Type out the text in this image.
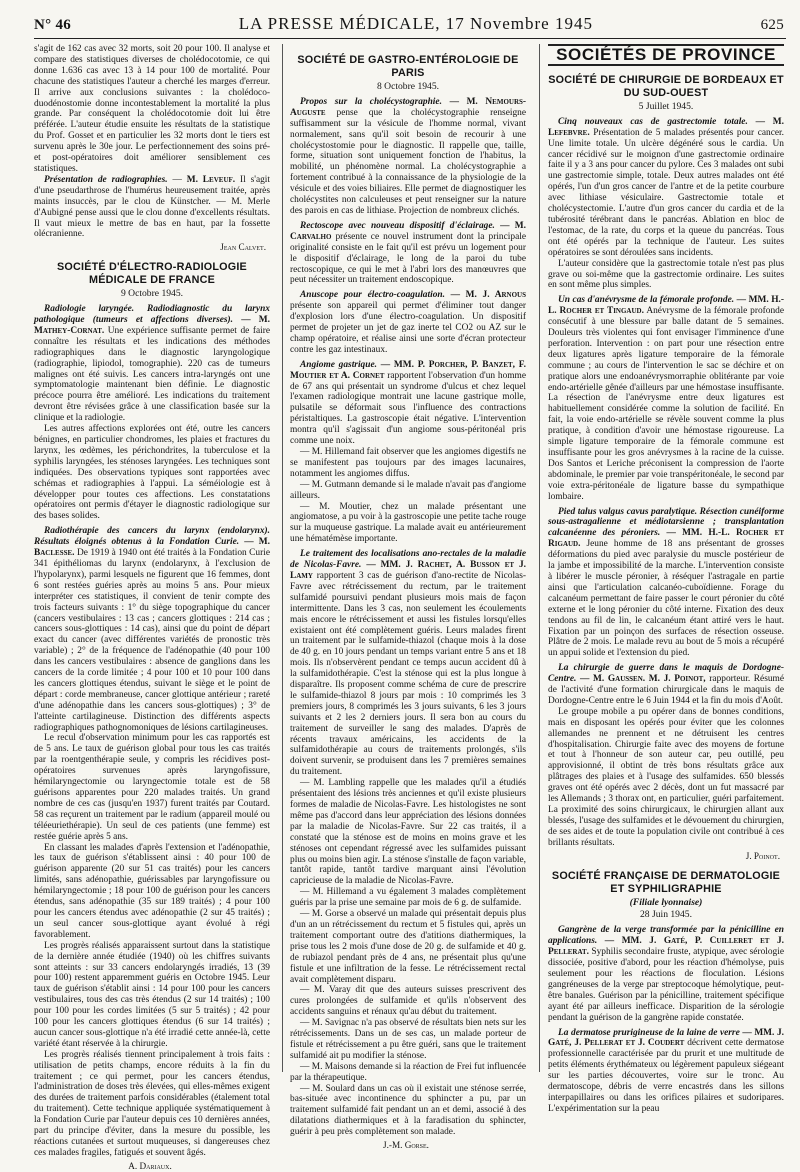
N° 46	LA PRESSE MÉDICALE, 17 Novembre 1945	625

s'agit de 162 cas avec 32 morts, soit 20 pour 100. Il analyse et compare des statistiques diverses de cholédocotomie, ce qui donne 1.636 cas avec 13 à 14 pour 100 de mortalité. Pour chacune des statistiques l'auteur a cherché les marges d'erreur. Il arrive aux conclusions suivantes : la cholédoco-duodénostomie donne incontestablement la mortalité la plus grande. Par conséquent la cholédocotomie doit lui être préférée. L'auteur étudie ensuite les résultats de la statistique du Prof. Gosset et en particulier les 32 morts dont le tiers est survenu après le 30e jour. Le perfectionnement des soins pré- et post-opératoires doit améliorer sensiblement ces statistiques.

Présentation de radiographies. — M. Leveuf. Il s'agit d'une pseudarthrose de l'humérus heureusement traitée, après maints insuccès, par le clou de Künstcher. — M. Merle d'Aubigné pense aussi que le clou donne d'excellents résultats. Il vaut mieux le mettre de bas en haut, par la fossette olécranienne.

Jean Calvet.
SOCIÉTÉ D'ÉLECTRO-RADIOLOGIE MÉDICALE DE FRANCE
9 Octobre 1945.

Radiologie laryngée. Radiodiagnostic du larynx pathologique (tumeurs et affections diverses). — M. Mathey-Cornat. Une expérience suffisante permet de faire connaître les résultats et les indications des méthodes radiographiques dans le diagnostic laryngologique (radiographie, lipiodol, tomographie). 220 cas de tumeurs malignes ont été suivis. Les cancers intra-laryngés ont une symptomatologie maintenant bien définie. Le diagnostic précoce pourra être amélioré. Les indications du traitement devront être révisées grâce à une classification basée sur la clinique et la radiologie.

Les autres affections explorées ont été, outre les cancers bénignes, en particulier chondromes, les plaies et fractures du larynx, les œdèmes, les périchondrites, la tuberculose et la syphilis laryngées, les sténoses laryngées. Les techniques sont indiquées. Des observations typiques sont rapportées avec schémas et radiographies à l'appui. La séméiologie est à développer pour toutes ces affections. Les constatations opératoires ont permis d'étayer le diagnostic radiologique sur des bases solides.

Radiothérapie des cancers du larynx (endolarynx). Résultats éloignés obtenus à la Fondation Curie. — M. Baclesse. De 1919 à 1940 ont été traités à la Fondation Curie 341 épithéliomas du larynx (endolarynx, à l'exclusion de l'hypolarynx), parmi lesquels ne figurent que 16 femmes, dont 6 sont restées guéries après au moins 5 ans. Pour mieux interpréter ces statistiques, il convient de tenir compte des trois facteurs suivants : 1° du siège topographique du cancer (cancers vestibulaires : 13 cas ; cancers glottiques : 214 cas ; cancers sous-glottiques : 14 cas), ainsi que du point de départ exact du cancer (avec différentes variétés de pronostic très variable) ; 2° de la fréquence de l'adénopathie (40 pour 100 dans les cancers vestibulaires : absence de ganglions dans les cancers de la corde limitée ; 4 pour 100 et 10 pour 100 dans les cancers glottiques étendus, suivant le siège et le point de départ : corde membraneuse, cancer glottique antérieur ; rareté d'une adénopathie dans les cancers sous-glottiques) ; 3° de l'atteinte cartilagineuse. Distinction des différents aspects radiographiques pathognomoniques de lésions cartilagineuses.

Le recul d'observation minimum pour les cas rapportés est de 5 ans. Le taux de guérison global pour tous les cas traités par la roentgenthérapie seule, y compris les récidives post-opératoires survenues après laryngofissure, hémilaryngectomie ou laryngectomie totale est de 58 guérisons apparentes pour 220 malades traités. Un grand nombre de ces cas (jusqu'en 1937) furent traités par Coutard. 58 cas reçurent un traitement par le radium (appareil moulé ou téléeuriethérapie). Un seul de ces patients (une femme) est restée guérie après 5 ans.

En classant les malades d'après l'extension et l'adénopathie, les taux de guérison s'établissent ainsi : 40 pour 100 de guérison apparente (20 sur 51 cas traités) pour les cancers limités, sans adénopathie, guérissables par laryngofissure ou hémilaryngectomie ; 18 pour 100 de guérison pour les cancers étendus, sans adénopathie (35 sur 189 traités) ; 4 pour 100 pour les cancers étendus avec adénopathie (2 sur 45 traités) ; un seul cancer sous-glottique ayant évolué à régi favorablement.

Les progrès réalisés apparaissent surtout dans la statistique de la dernière année étudiée (1940) où les chiffres suivants sont atteints : sur 33 cancers endolaryngés irradiés, 13 (39 pour 100) restent apparemment guéris en Octobre 1945. Leur taux de guérison s'établit ainsi : 14 pour 100 pour les cancers vestibulaires, tous des cas très étendus (2 sur 14 traités) ; 100 pour 100 pour les cordes limitées (5 sur 5 traités) ; 42 pour 100 pour les cancers glottiques étendus (6 sur 14 traités) ; aucun cancer sous-glottique n'a été irradié cette année-là, cette variété étant réservée à la chirurgie.

Les progrès réalisés tiennent principalement à trois faits : utilisation de petits champs, encore réduits à la fin du traitement ; ce qui permet, pour les cancers étendus, l'administration de doses très élevées, qui elles-mêmes exigent des durées de traitement parfois considérables (étalement total du traitement). Cette technique appliquée systématiquement à la Fondation Curie par l'auteur depuis ces 10 dernières années, part du principe d'éviter, dans la mesure du possible, les réactions cutanées et surtout muqueuses, si dangereuses chez ces malades fragiles, fatigués et souvent âgés.

A. Dariaux.
SOCIÉTÉ DE GASTRO-ENTÉROLOGIE DE PARIS
8 Octobre 1945.

Propos sur la cholécystographie. — M. Nemours-Auguste pense que la cholécystographie renseigne suffisamment sur la vésicule de l'homme normal, vivant normalement, sans qu'il soit besoin de recourir à une cholécystostomie pour le diagnostic. Il rappelle que, taille, forme, situation sont uniquement fonction de l'habitus, la mobilité, un phénomène normal. La cholécystographie a fortement contribué à la connaissance de la physiologie de la vésicule et des voies biliaires. Elle permet de diagnostiquer les cholécystites non calculeuses et peut renseigner sur la nature des parois en cas de lithiase. Projection de nombreux clichés.

Rectoscope avec nouveau dispositif d'éclairage. — M. Carvalho présente ce nouvel instrument dont la principale originalité consiste en le fait qu'il est prévu un logement pour le dispositif d'éclairage, le long de la paroi du tube rectoscopique, ce qui le met à l'abri lors des manœuvres que peut nécessiter un traitement endoscopique.

Anuscope pour électro-coagulation. — M. J. Arnous présente son appareil qui permet d'éliminer tout danger d'explosion lors d'une électro-coagulation. Un dispositif permet de projeter un jet de gaz inerte tel CO2 ou AZ sur le champ opératoire, et réalise ainsi une sorte d'écran protecteur contre les gaz intestinaux.

Angiome gastrique. — MM. P. Porcher, P. Banzet, F. Moutier et A. Cornet rapportent l'observation d'un homme de 67 ans qui présentait un syndrome d'ulcus et chez lequel l'examen radiologique montrait une lacune gastrique molle, pulsatile se déformait sous l'influence des contractions péristaltiques. La gastroscopie était négative. L'intervention montra qu'il s'agissait d'un angiome sous-péritonéal pris comme une noix.

— M. Hillemand fait observer que les angiomes digestifs ne se manifestent pas toujours par des images lacunaires, notamment les angiomes diffus.

— M. Gutmann demande si le malade n'avait pas d'angiome ailleurs.

— M. Moutier, chez un malade présentant une angiomatose, a pu voir à la gastroscopie une petite tache rouge sur la muqueuse gastrique. La malade avait eu antérieurement une hématémèse importante.

Le traitement des localisations ano-rectales de la maladie de Nicolas-Favre. — MM. J. Rachet, A. Busson et J. Lamy rapportent 3 cas de guérison d'ano-rectite de Nicolas-Favre avec rétrécissement du rectum, par le traitement sulfamidé poursuivi pendant plusieurs mois mais de façon intermittente. Dans les 3 cas, non seulement les écoulements mais encore le rétrécissement et aussi les fistules lorsqu'elles existaient ont été complètement guéris. Leurs malades firent un traitement par le sulfamide-thiazol (chaque mois à la dose de 40 g. en 10 jours pendant un temps variant entre 5 ans et 18 mois. Ils n'observèrent pendant ce temps aucun accident dû à la sulfamidothérapie. C'est la sténose qui est la plus longue à disparaître. Ils proposent comme schéma de cure de prescrire le sulfamide-thiazol 8 jours par mois : 10 comprimés les 3 premiers jours, 8 comprimés les 3 jours suivants, 6 les 3 jours suivants et 2 les 2 derniers jours. Il sera bon au cours du traitement de surveiller le sang des malades. D'après de récents travaux américains, les accidents de la sulfamidothérapie au cours de traitements prolongés, s'ils doivent survenir, se produisent dans les 7 premières semaines du traitement.

— M. Lambling rappelle que les malades qu'il a étudiés présentaient des lésions très anciennes et qu'il existe plusieurs formes de maladie de Nicolas-Favre. Les histologistes ne sont même pas d'accord dans leur appréciation des lésions données par la maladie de Nicolas-Favre. Sur 22 cas traités, il a constaté que la sténose est de moins en moins grave et les sténoses ont cependant régressé avec les sulfamides puissant plus ou moins bien agir. La sténose s'installe de façon variable, tantôt rapide, tantôt tardive marquant ainsi l'évolution capricieuse de la maladie de Nicolas-Favre.

— M. Hillemand a vu également 3 malades complètement guéris par la prise une semaine par mois de 6 g. de sulfamide.

— M. Gorse a observé un malade qui présentait depuis plus d'un an un rétrécissement du rectum et 5 fistules qui, après un traitement comportant outre des d'atitions diathermiques, la prise tous les 2 mois d'une dose de 20 g. de sulfamide et 40 g. de rubiazol pendant près de 4 ans, ne présentait plus qu'une fistule et une infiltration de la fesse. Le rétrécissement rectal avait complètement disparu.

— M. Varay dit que des auteurs suisses prescrivent des cures prolongées de sulfamide et qu'ils n'observent des accidents sanguins et rénaux qu'au début du traitement.

— M. Savignac n'a pas observé de résultats bien nets sur les rétrécissements. Dans un de ses cas, un malade porteur de fistule et rétrécissement a pu être guéri, sans que le traitement sulfamidé ait pu modifier la sténose.

— M. Maisons demande si la réaction de Frei fut influencée par la thérapeutique.

— M. Soulard dans un cas où il existait une sténose serrée, bas-située avec incontinence du sphincter a pu, par un traitement sulfamidé fait pendant un an et demi, associé à des dilatations diathermiques et à la faradisation du sphincter, guérir à peu près complètement son malade.

J.-M. Gorse.
SOCIÉTÉS DE PROVINCE
SOCIÉTÉ DE CHIRURGIE DE BORDEAUX ET DU SUD-OUEST
5 Juillet 1945.

Cinq nouveaux cas de gastrectomie totale. — M. Lefebvre. Présentation de 5 malades présentés pour cancer. Une limite totale. Un ulcère dégénéré sous le cardia. Un cancer récidivé sur le moignon d'une gastrectomie ordinaire faite il y a 3 ans pour cancer du pylore. Ces 3 malades ont subi une gastrectomie simple, totale. Deux autres malades ont été opérés, l'un d'un gros cancer de l'antre et de la petite courbure avec lithiase vésiculaire. Gastrectomie totale et cholécystectomie. L'autre d'un gros cancer du cardia et de la tubérosité térébrant dans le pancréas. Ablation en bloc de l'estomac, de la rate, du corps et la queue du pancréas. Tous ont été opérés par la technique de l'auteur. Les suites opératoires se sont déroulées sans incidents.

L'auteur considère que la gastrectomie totale n'est pas plus grave ou soi-même que la gastrectomie ordinaire. Les suites en sont même plus simples.

Un cas d'anévrysme de la fémorale profonde. — MM. H.-L. Rocher et Tingaud. Anévrysme de la fémorale profonde consécutif à une blessure par balle datant de 5 semaines. Douleurs très violentes qui font envisager l'imminence d'une perforation. Intervention : on part pour une résection entre deux ligatures après ligature temporaire de la fémorale commune ; au cours de l'intervention le sac se déchire et on pratique alors une endoanévrysmorraphie oblitérante par voie endo-artérielle gênée d'ailleurs par une hémostase insuffisante. La résection de l'anévrysme entre deux ligatures est habituellement considérée comme la solution de facilité. En fait, la voie endo-artérielle se révèle souvent comme la plus pratique, à condition d'avoir une hémostase rigoureuse. La simple ligature temporaire de la fémorale commune est insuffisante pour les gros anévrysmes à la racine de la cuisse. Dos Santos et Leriche préconisent la compression de l'aorte abdominale, le premier par voie transpéritonéale, le second par voie extra-péritonéale de ligature basse du sympathique lombaire.

Pied talus valgus cavus paralytique. Résection cunéiforme sous-astragalienne et médiotarsienne ; transplantation calcanéenne des péroniers. — MM. H.-L. Rocher et Rigaud. Jeune homme de 18 ans présentant de grosses déformations du pied avec paralysie du muscle postérieur de la jambe et impossibilité de la marche. L'intervention consiste à libérer le muscle péronier, à réséquer l'astragale en partie ainsi que l'articulation calcanéo-cuboïdienne. Forage du calcanéum permettant de faire passer le court péronier du côté externe et le long péronier du côté interne. Fixation des deux tendons au fil de lin, le calcanéum étant attiré vers le haut. Fixation par un poinçon des surfaces de résection osseuse. Plâtre de 2 mois. Le malade revu au bout de 5 mois a récupéré un appui solide et l'extension du pied.

La chirurgie de guerre dans le maquis de Dordogne-Centre. — M. Gaussen. M. J. Poinot, rapporteur. Résumé de l'activité d'une formation chirurgicale dans le maquis de Dordogne-Centre entre le 6 Juin 1944 et la fin du mois d'Août.

Le groupe mobile a pu opérer dans de bonnes conditions, mais en disposant les opérés pour éviter que les colonnes allemandes ne prennent et ne détruisent les centres d'hospitalisation. Chirurgie faite avec des moyens de fortune et tout à l'honneur de son auteur car, peu outillé, peu approvisionné, il obtint de très bons résultats grâce aux plâtrages des plaies et à l'usage des sulfamides. 650 blessés graves ont été opérés avec 2 décès, dont un fut massacré par les Allemands ; 3 thorax ont, en particulier, guéri parfaitement. La proximité des soins chirurgicaux, le chirurgien allant aux blessés, l'usage des sulfamides et le dévouement du chirurgien, de ses aides et de toute la population civile ont contribué à ces brillants résultats.

J. Poinot.
SOCIÉTÉ FRANÇAISE DE DERMATOLOGIE ET SYPHILIGRAPHIE
(Filiale lyonnaise)
28 Juin 1945.

Gangrène de la verge transformée par la pénicilline en applications. — MM. J. Gaté, P. Cuilleret et J. Pellerat. Syphilis secondaire fruste, atypique, avec sérologie dissociée, positive d'abord, pour les réaction d'hémolyse, puis seulement pour les réactions de floculation. Lésions gangréneuses de la verge par streptocoque hémolytique, peut-être banales. Guérison par la pénicilline, traitement spécifique ayant été par ailleurs inefficace. Disparition de la sérologie pendant la guérison de la gangrène rapide constatée.

La dermatose prurigineuse de la laine de verre — MM. J. Gaté, J. Pellerat et J. Coudert décrivent cette dermatose professionnelle caractérisée par du prurit et une multitude de petits éléments érythémateux ou légèrement papuleux siégeant sur les parties découvertes, voire sur le tronc. Au dermatoscope, débris de verre encastrés dans les sillons interpapillaires ou dans les orifices pilaires et sudoripares. L'expérimentation sur la peau
